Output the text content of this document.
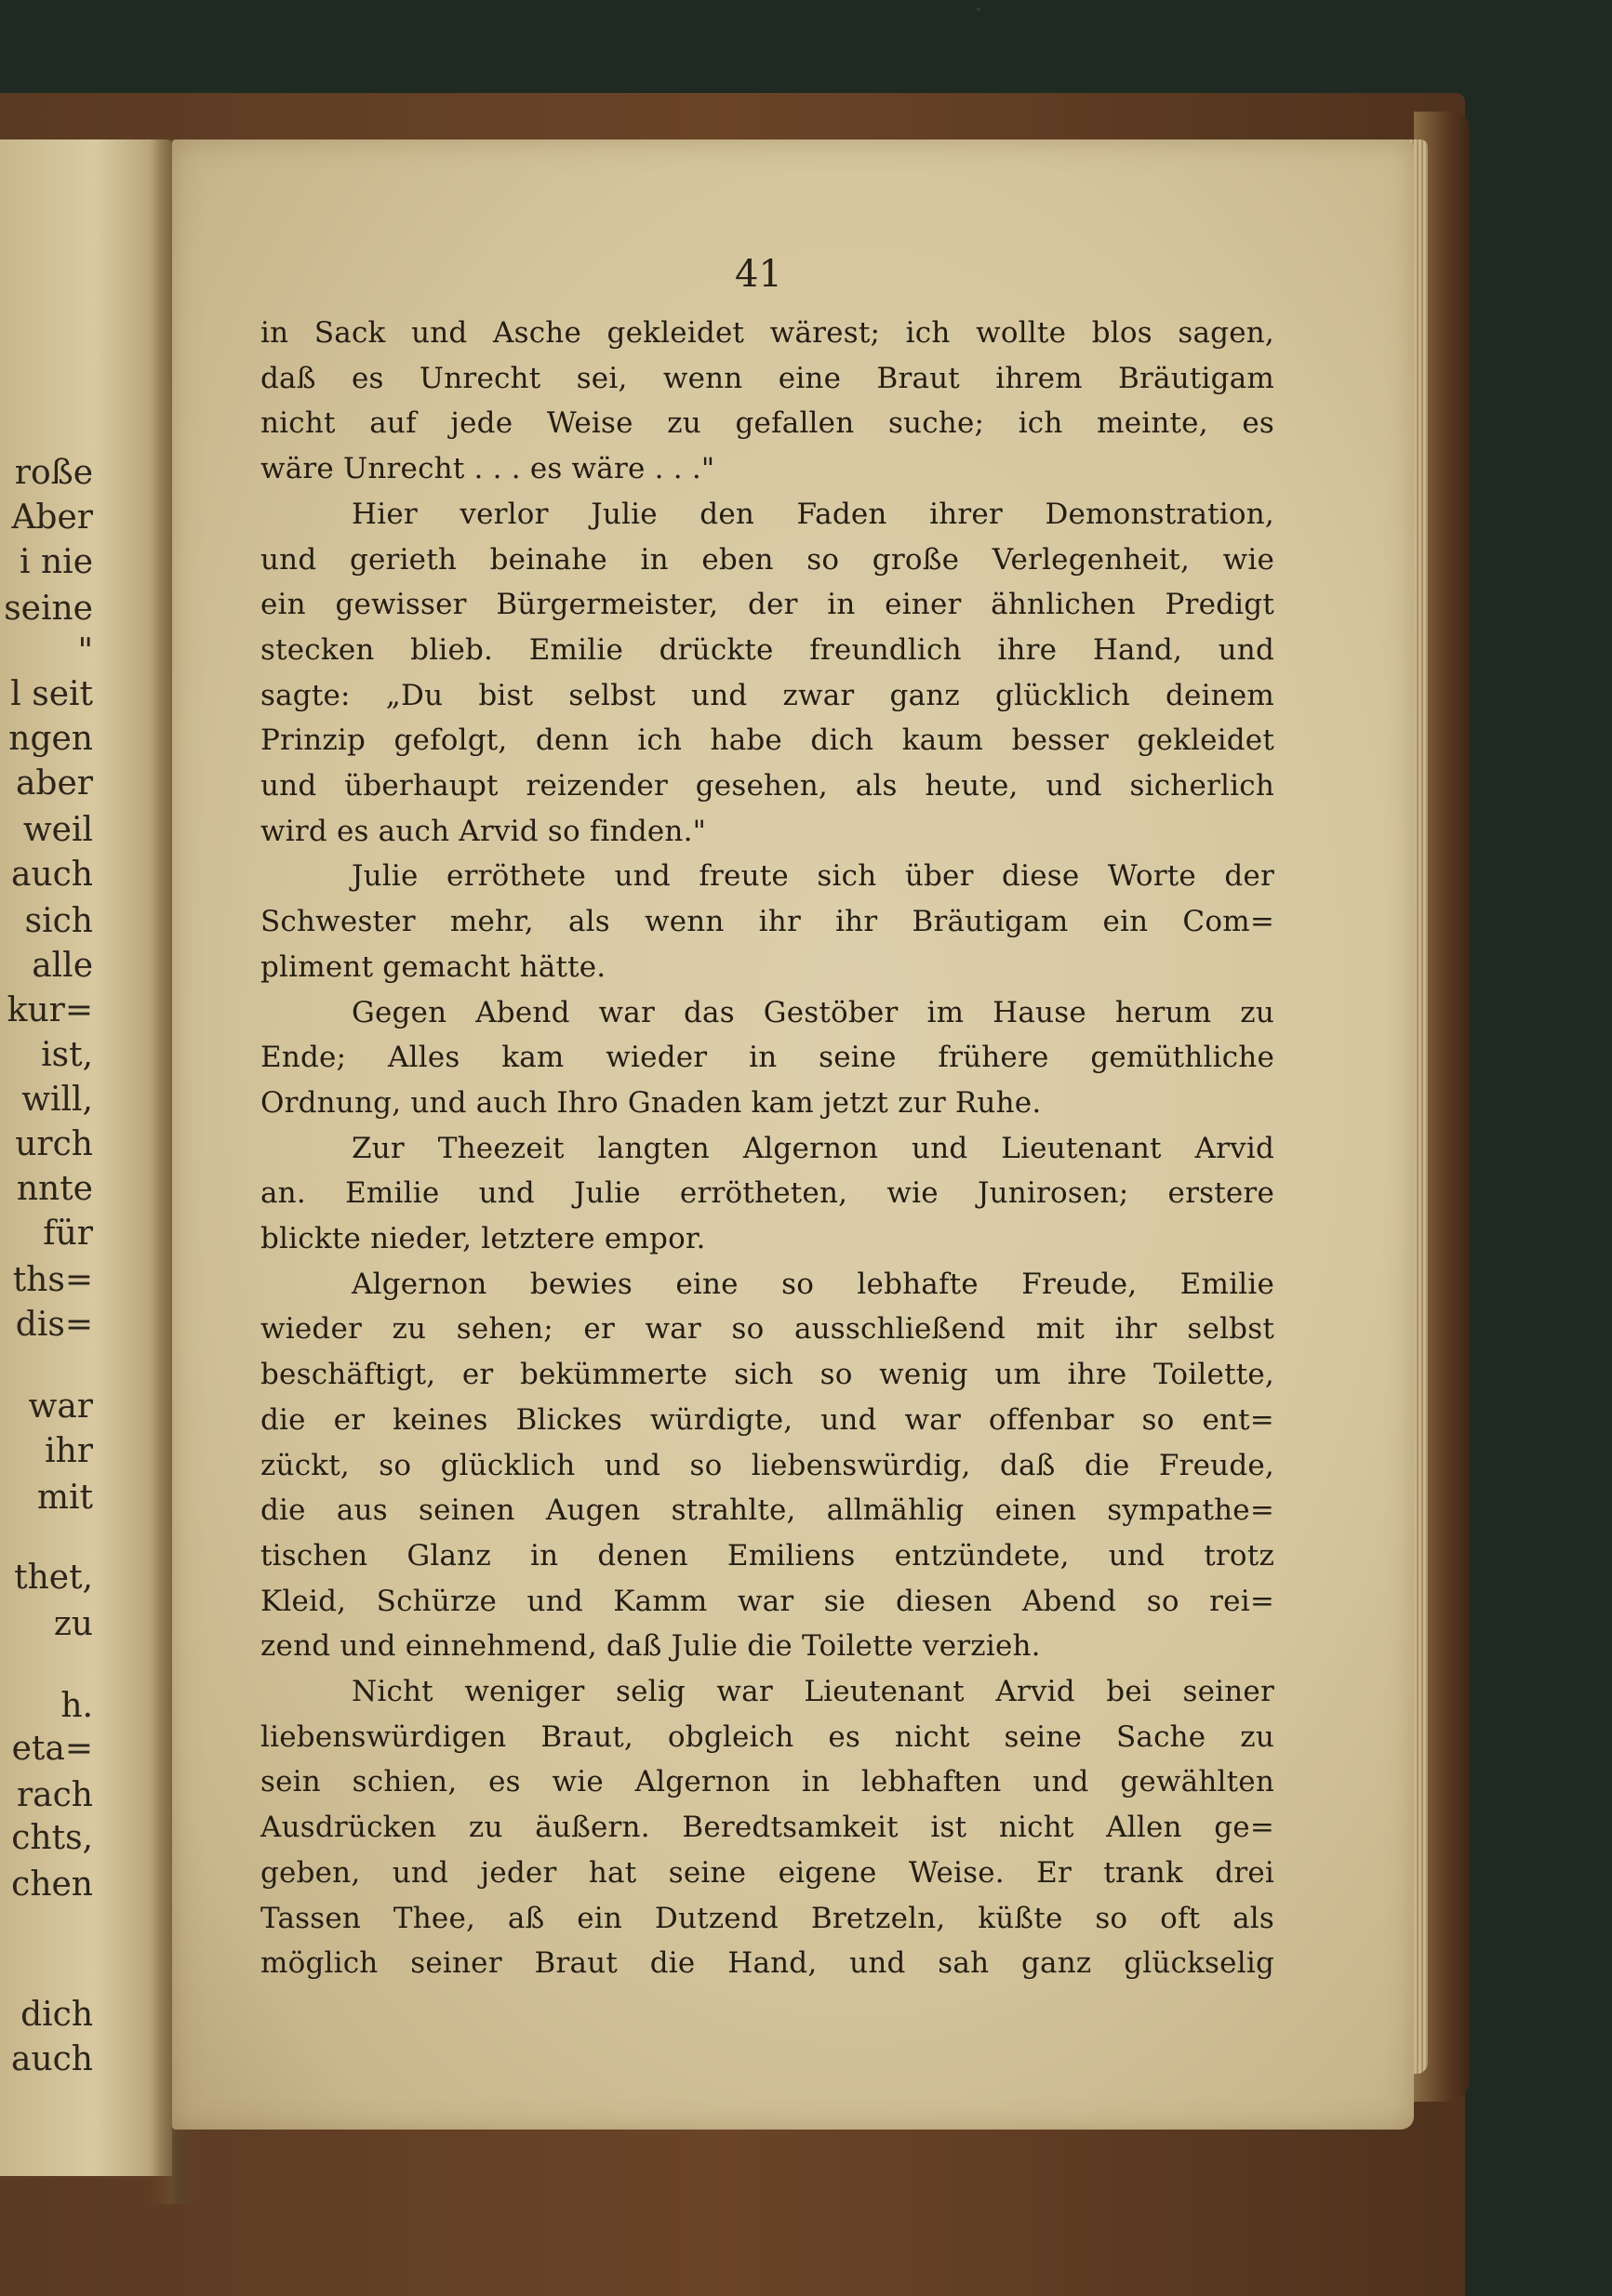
roße
Aber
i nie
seine
"
l seit
ngen
aber
weil
auch
sich
alle
kur=
ist,
will,
urch
nnte
für
ths=
dis=
war
ihr
mit
thet,
zu
h.
eta=
rach
chts,
chen
dich
auch
41
in Sack und Asche gekleidet wärest; ich wollte blos sagen,
daß es Unrecht sei, wenn eine Braut ihrem Bräutigam
nicht auf jede Weise zu gefallen suche; ich meinte, es
wäre Unrecht . . . es wäre . . ."
Hier verlor Julie den Faden ihrer Demonstration,
und gerieth beinahe in eben so große Verlegenheit, wie
ein gewisser Bürgermeister, der in einer ähnlichen Predigt
stecken blieb. Emilie drückte freundlich ihre Hand, und
sagte: „Du bist selbst und zwar ganz glücklich deinem
Prinzip gefolgt, denn ich habe dich kaum besser gekleidet
und überhaupt reizender gesehen, als heute, und sicherlich
wird es auch Arvid so finden."
Julie erröthete und freute sich über diese Worte der
Schwester mehr, als wenn ihr ihr Bräutigam ein Com=
pliment gemacht hätte.
Gegen Abend war das Gestöber im Hause herum zu
Ende; Alles kam wieder in seine frühere gemüthliche
Ordnung, und auch Ihro Gnaden kam jetzt zur Ruhe.
Zur Theezeit langten Algernon und Lieutenant Arvid
an. Emilie und Julie errötheten, wie Junirosen; erstere
blickte nieder, letztere empor.
Algernon bewies eine so lebhafte Freude, Emilie
wieder zu sehen; er war so ausschließend mit ihr selbst
beschäftigt, er bekümmerte sich so wenig um ihre Toilette,
die er keines Blickes würdigte, und war offenbar so ent=
zückt, so glücklich und so liebenswürdig, daß die Freude,
die aus seinen Augen strahlte, allmählig einen sympathe=
tischen Glanz in denen Emiliens entzündete, und trotz
Kleid, Schürze und Kamm war sie diesen Abend so rei=
zend und einnehmend, daß Julie die Toilette verzieh.
Nicht weniger selig war Lieutenant Arvid bei seiner
liebenswürdigen Braut, obgleich es nicht seine Sache zu
sein schien, es wie Algernon in lebhaften und gewählten
Ausdrücken zu äußern. Beredtsamkeit ist nicht Allen ge=
geben, und jeder hat seine eigene Weise. Er trank drei
Tassen Thee, aß ein Dutzend Bretzeln, küßte so oft als
möglich seiner Braut die Hand, und sah ganz glückselig
